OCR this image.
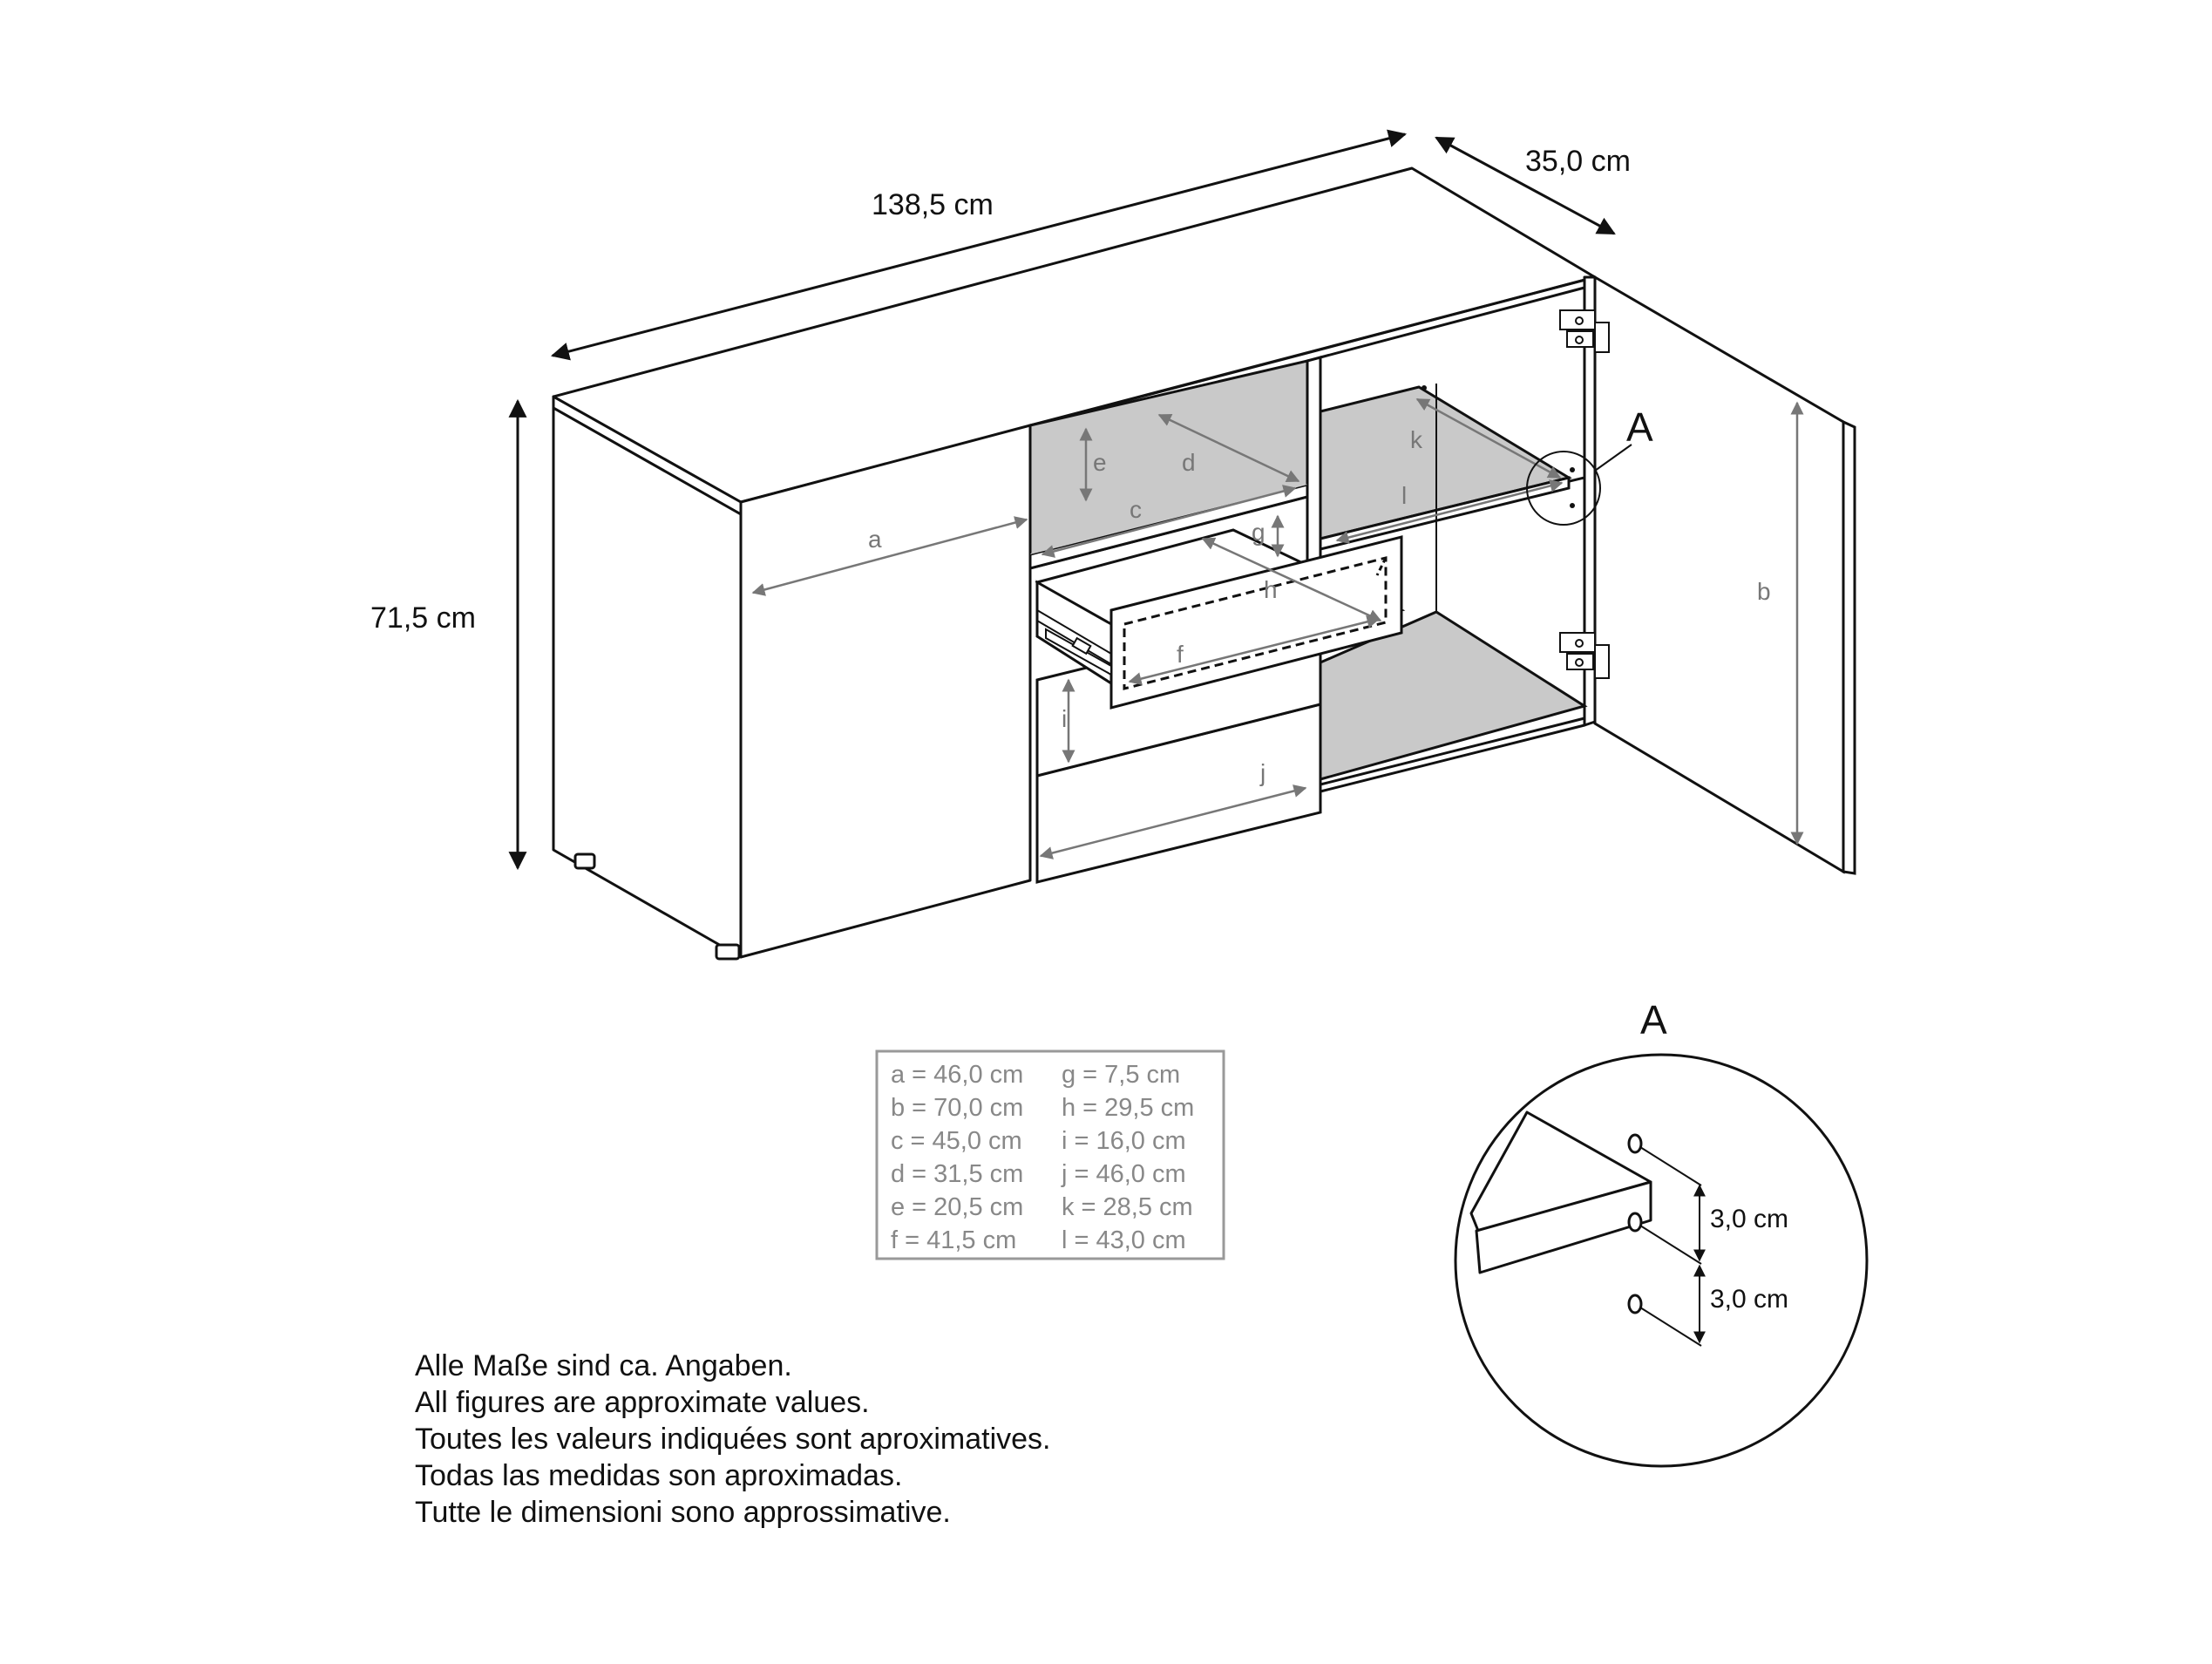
138,5 cm
35,0 cm
71,5 cm
a
b
c
d
e
f
g
h
i
j
k
l
A
a = 46,0 cm
b = 70,0 cm
c = 45,0 cm
d = 31,5 cm
e = 20,5 cm
f = 41,5 cm
g = 7,5 cm
h = 29,5 cm
i = 16,0 cm
j = 46,0 cm
k = 28,5 cm
l = 43,0 cm
A
3,0 cm
3,0 cm
Alle Maße sind ca. Angaben.
All figures are approximate values.
Toutes les valeurs indiquées sont aproximatives.
Todas las medidas son aproximadas.
Tutte le dimensioni sono approssimative.
